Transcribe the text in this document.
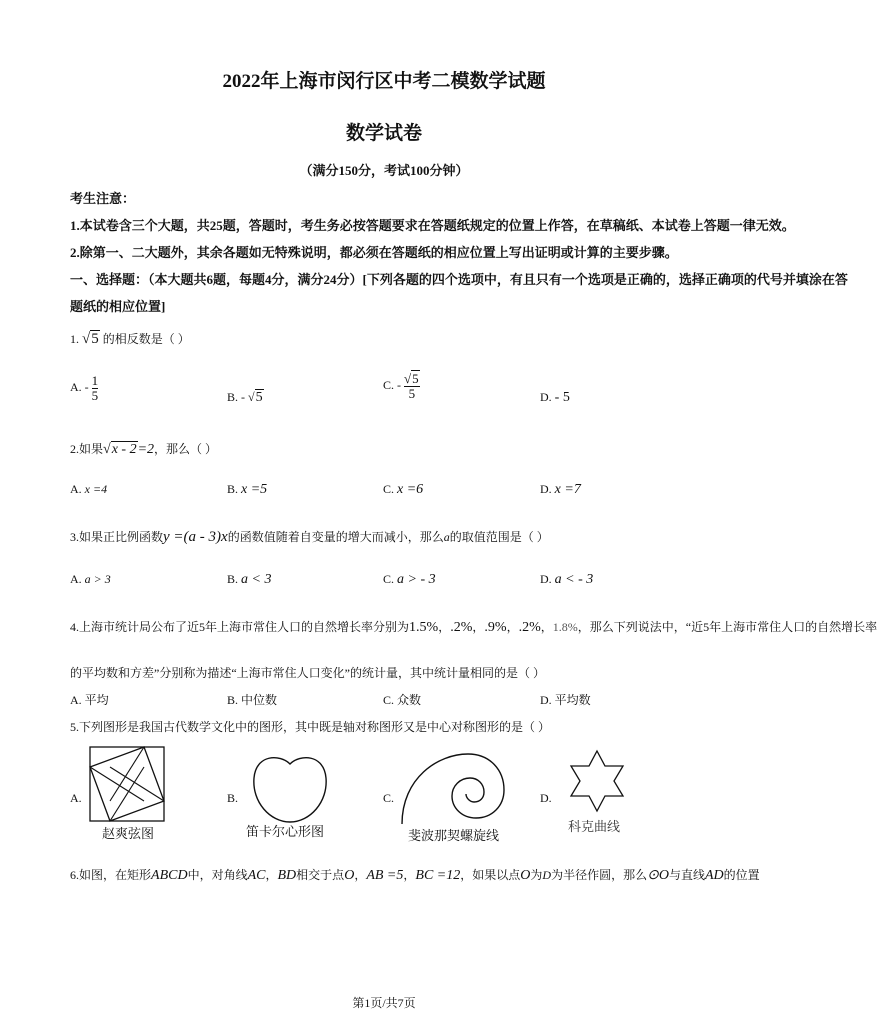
2022年上海市闵行区中考二模数学试题
数学试卷
（满分150分，考试100分钟）
考生注意：
1.本试卷含三个大题，共25题，答题时，考生务必按答题要求在答题纸规定的位置上作答，在草稿纸、本试卷上答题一律无效。
2.除第一、二大题外，其余各题如无特殊说明，都必须在答题纸的相应位置上写出证明或计算的主要步骤。
一、选择题：（本大题共6题，每题4分，满分24分）[下列各题的四个选项中，有且只有一个选项是正确的，选择正确项的代号并填涂在答
题纸的相应位置]
1. √5 的相反数是（ ）
A. - $\frac{1}{5}$	B. - √5
C. - $\frac{√5}{5}$	D. - 5
2.如果√x - 2=2，那么（ ）
A. x =4	B. x =5	C. x =6	D. x =7
3.如果正比例函数y =(a - 3)x的函数值随着自变量的增大而减小，那么a的取值范围是（ ）
A. a > 3	B. a < 3	C. a > - 3	D. a < - 3
4.上海市统计局公布了近5年上海市常住人口的自然增长率分别为1.5%，.2%，.9%，.2%，1.8%，那么下列说法中，“近5年上海市常住人口的自然增长率
的平均数和方差”分别称为描述“上海市常住人口变化”的统计量，其中统计量相同的是（ ）
A. 平均	B. 中位数	C. 众数	D. 平均数
5.下列图形是我国古代数学文化中的图形，其中既是轴对称图形又是中心对称图形的是（ ）
A.
赵爽弦图
B.
笛卡尔心形图
C.
斐波那契螺旋线
D.
科克曲线
6.如图，在矩形ABCD中，对角线AC，BD相交于点O，AB =5，BC =12，如果以点O为D为半径作圆，那么⊙O与直线AD的位置
第1页/共7页
